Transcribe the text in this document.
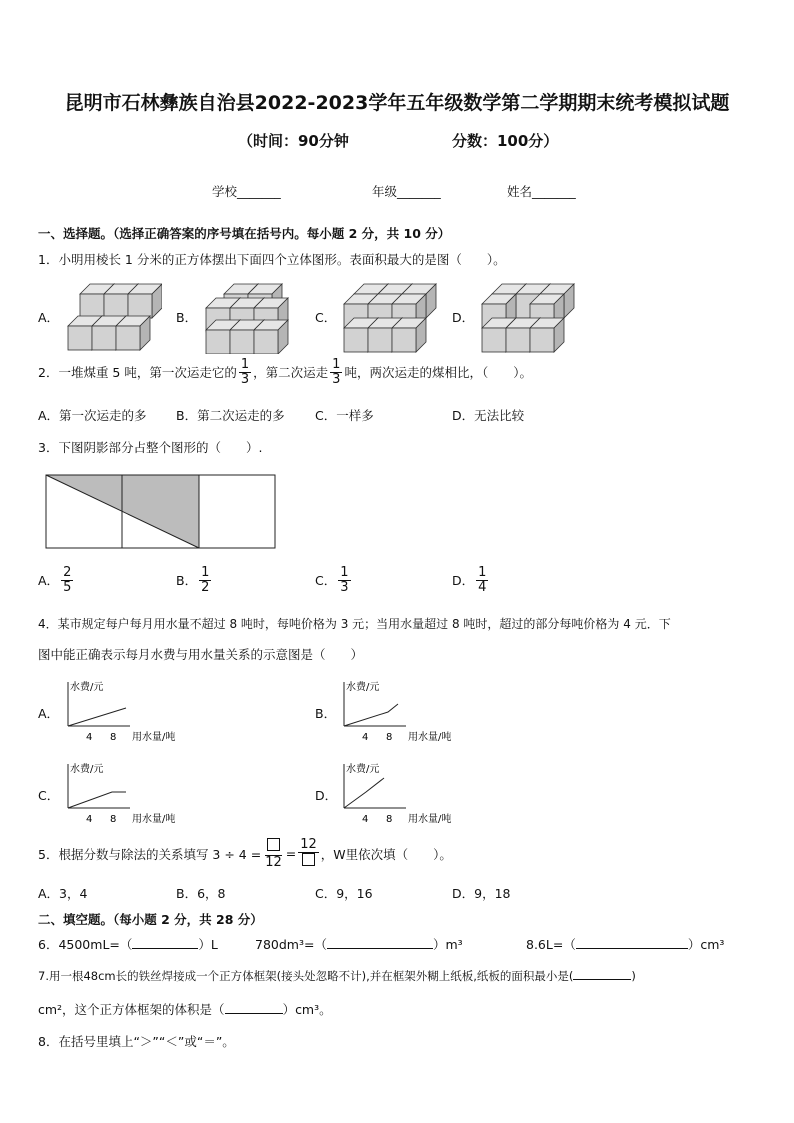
昆明市石林彝族自治县2022-2023学年五年级数学第二学期期末统考模拟试题
（时间：90分钟	分数：100分）
学校_______	年级_______	姓名_______
一、选择题。（选择正确答案的序号填在括号内。每小题 2 分，共 10 分）
1．小明用棱长 1 分米的正方体摆出下面四个立体图形。表面积最大的是图（　　）。
A．	B．	C．	D．
2．一堆煤重 5 吨，第一次运走它的 $\frac{1}{3}$ ，第二次运走 $\frac{1}{3}$ 吨，两次运走的煤相比，（　　）。
A．第一次运走的多 B．第二次运走的多 C．一样多	D．无法比较
3．下图阴影部分占整个图形的（　　）.
A． $\frac{2}{5}$	B． $\frac{1}{2}$	C． $\frac{1}{3}$	D． $\frac{1}{4}$
4．某市规定每户每月用水量不超过 8 吨时，每吨价格为 3 元；当用水量超过 8 吨时，超过的部分每吨价格为 4 元．下
图中能正确表示每月水费与用水量关系的示意图是（　　）
A．	B．
C．	D．
水费/元
4 8 用水量/吨
水费/元
4 8 用水量/吨
水费/元
4 8 用水量/吨
水费/元
4 8 用水量/吨
5．根据分数与除法的关系填写 3 ÷ 4 =
12
=
12
，W里依次填（　　）。
A．3，4	B．6，8	C．9，16	D．9，18
二、填空题。（每小题 2 分，共 28 分）
6．4500mL=（	）L	780dm³=（	）m³	8.6L=（	）cm³
7.用一根48cm长的铁丝焊接成一个正方体框架(接头处忽略不计),并在框架外糊上纸板,纸板的面积最小是(	)
cm²，这个正方体框架的体积是（	）cm³。
8．在括号里填上“＞”“＜”或“＝”。
